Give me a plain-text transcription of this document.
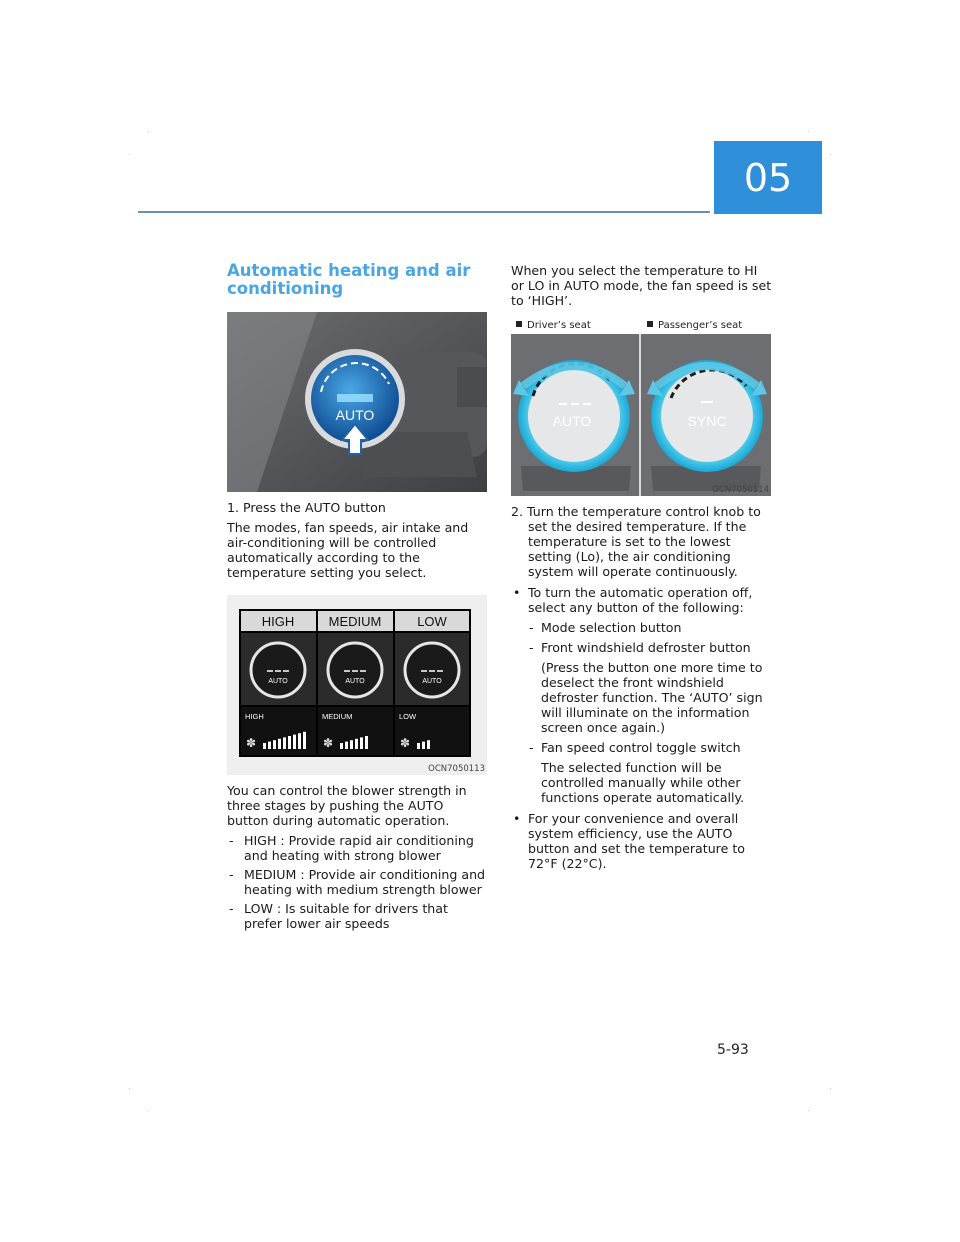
05
Automatic heating and air conditioning
AUTO
OCN7050112
1. Press the AUTO button
The modes, fan speeds, air intake and air-conditioning will be controlled automatically according to the temperature setting you select.
HIGH	MEDIUM	LOW
AUTO	AUTO	AUTO
HIGH	MEDIUM	LOW
✽	✽	✽
OCN7050113
You can control the blower strength in three stages by pushing the AUTO button during automatic operation.
- HIGH : Provide rapid air conditioning and heating with strong blower
- MEDIUM : Provide air conditioning and heating with medium strength blower
- LOW : Is suitable for drivers that prefer lower air speeds
When you select the temperature to HI or LO in AUTO mode, the fan speed is set to ‘HIGH’.
Driver’s seat	Passenger’s seat
AUTO	SYNC
OCN7050114
2. Turn the temperature control knob to set the desired temperature. If the temperature is set to the lowest setting (Lo), the air conditioning system will operate continuously.
• To turn the automatic operation off, select any button of the following:
- Mode selection button
- Front windshield defroster button
(Press the button one more time to deselect the front windshield defroster function. The ‘AUTO’ sign will illuminate on the information screen once again.)
- Fan speed control toggle switch
The selected function will be controlled manually while other functions operate automatically.
• For your convenience and overall system efficiency, use the AUTO button and set the temperature to 72°F (22°C).
5-93
